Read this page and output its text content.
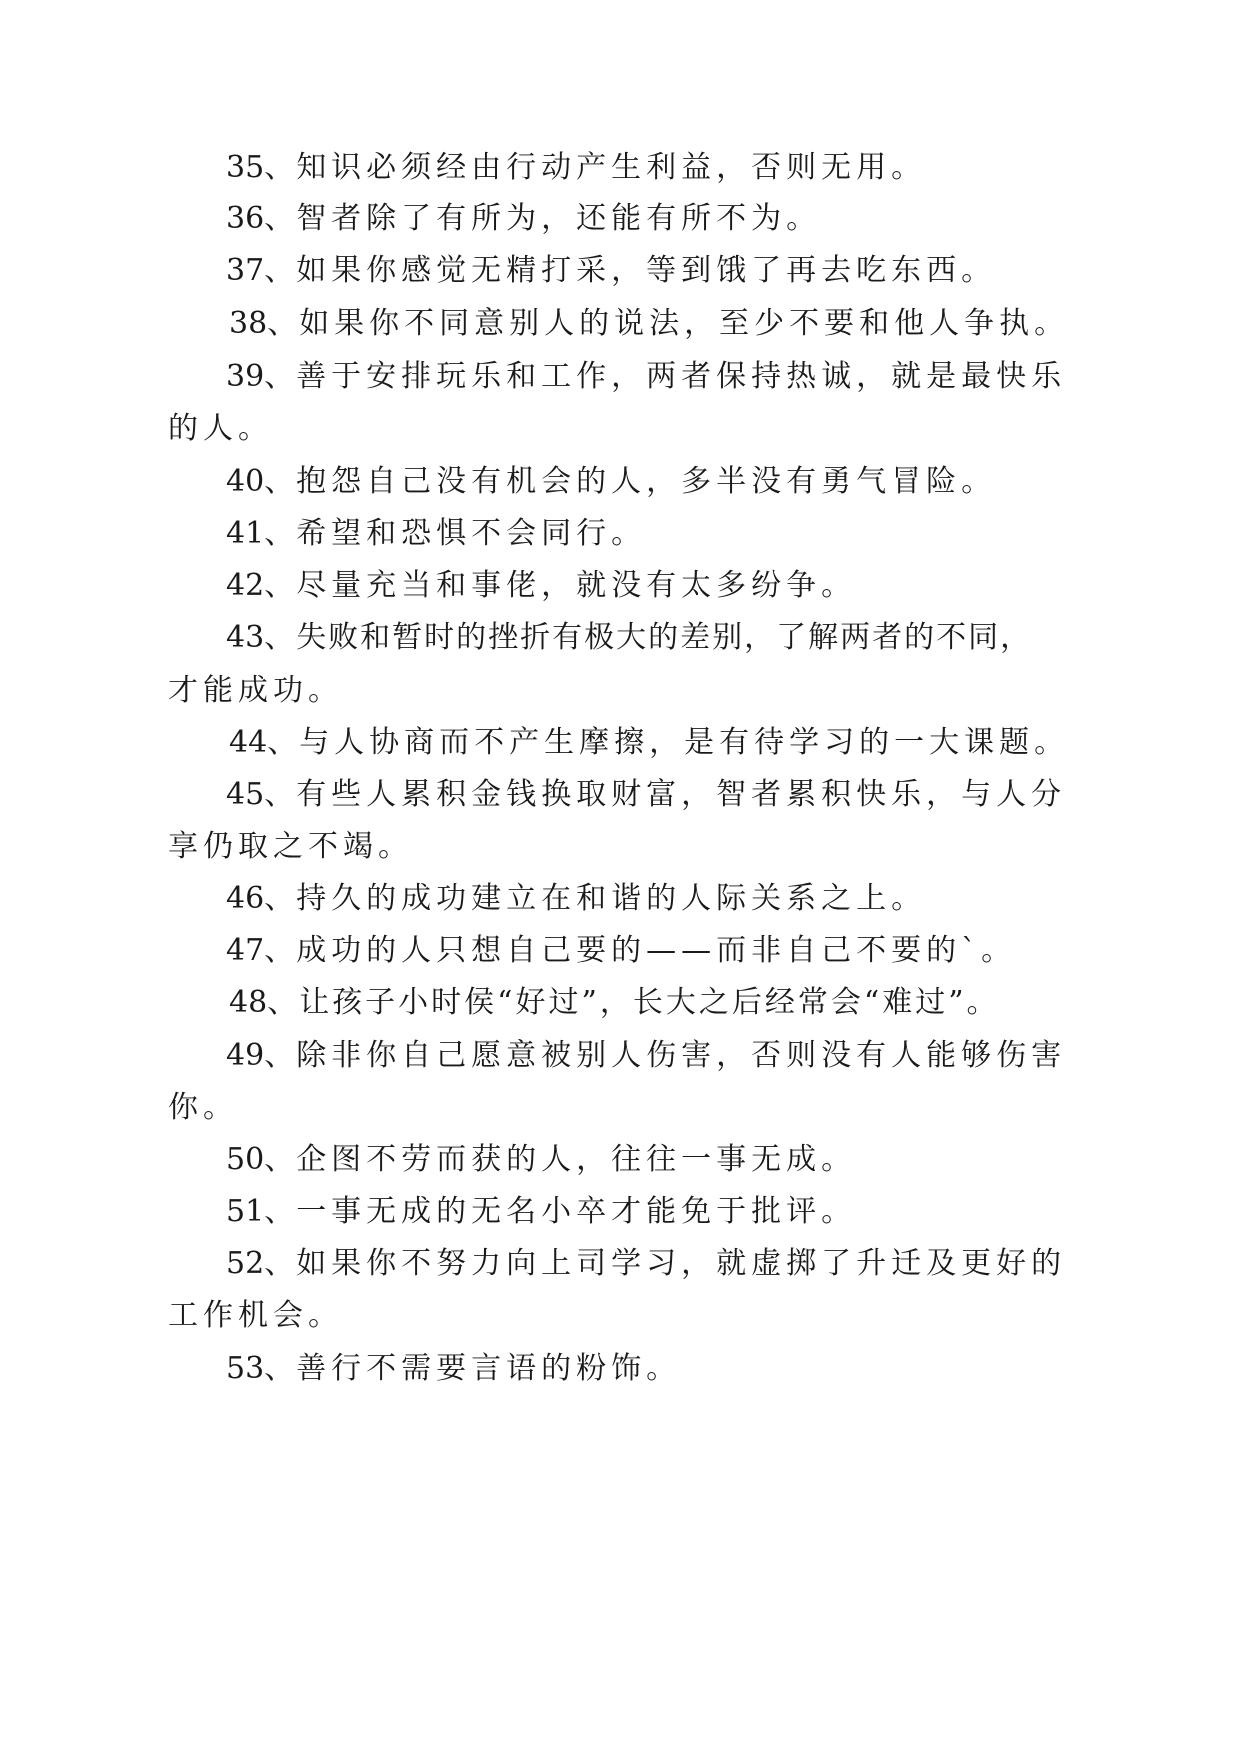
35、知识必须经由行动产生利益，否则无用。
36、智者除了有所为，还能有所不为。
37、如果你感觉无精打采，等到饿了再去吃东西。
38、如果你不同意别人的说法，至少不要和他人争执。
39、善于安排玩乐和工作，两者保持热诚，就是最快乐
的人。
40、抱怨自己没有机会的人，多半没有勇气冒险。
41、希望和恐惧不会同行。
42、尽量充当和事佬，就没有太多纷争。
43、失败和暂时的挫折有极大的差别，了解两者的不同，
才能成功。
44、与人协商而不产生摩擦，是有待学习的一大课题。
45、有些人累积金钱换取财富，智者累积快乐，与人分
享仍取之不竭。
46、持久的成功建立在和谐的人际关系之上。
47、成功的人只想自己要的——而非自己不要的`。
48、让孩子小时侯“好过”，长大之后经常会“难过”。
49、除非你自己愿意被别人伤害，否则没有人能够伤害
你。
50、企图不劳而获的人，往往一事无成。
51、一事无成的无名小卒才能免于批评。
52、如果你不努力向上司学习，就虚掷了升迁及更好的
工作机会。
53、善行不需要言语的粉饰。
